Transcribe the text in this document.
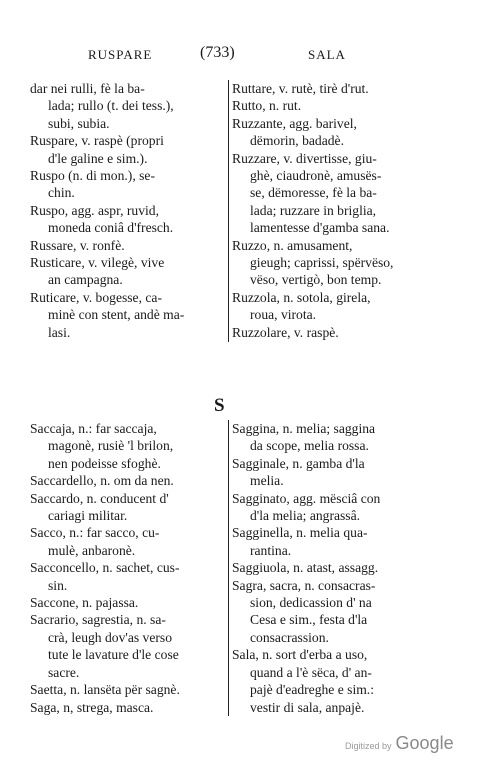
RUSPARE	(733)	SALA
dar nei rulli, fè la ba-
lada; rullo (t. dei tess.),
subi, subia.
Ruspare, v. raspè (propri
d'le galine e sim.).
Ruspo (n. di mon.), se-
chin.
Ruspo, agg. aspr, ruvid,
moneda coniâ d'fresch.
Russare, v. ronfè.
Rusticare, v. vilegè, vive
an campagna.
Ruticare, v. bogesse, ca-
minè con stent, andè ma-
lasi.
Ruttare, v. rutè, tirè d'rut.
Rutto, n. rut.
Ruzzante, agg. barivel,
dëmorin, badadè.
Ruzzare, v. divertisse, giu-
ghè, ciaudronè, amusës-
se, dëmoresse, fè la ba-
lada; ruzzare in briglia,
lamentesse d'gamba sana.
Ruzzo, n. amusament,
gieugh; caprissi, spërvëso,
vëso, vertigò, bon temp.
Ruzzola, n. sotola, girela,
roua, virota.
Ruzzolare, v. raspè.
S
Saccaja, n.: far saccaja,
magonè, rusiè 'l brilon,
nen podeisse sfoghè.
Saccardello, n. om da nen.
Saccardo, n. conducent d'
cariagi militar.
Sacco, n.: far sacco, cu-
mulè, anbaronè.
Sacconcello, n. sachet, cus-
sin.
Saccone, n. pajassa.
Sacrario, sagrestia, n. sa-
crà, leugh dov'as verso
tute le lavature d'le cose
sacre.
Saetta, n. lansëta për sagnè.
Saga, n, strega, masca.
Saggina, n. melia; saggina
da scope, melia rossa.
Sagginale, n. gamba d'la
melia.
Sagginato, agg. mësciâ con
d'la melia; angrassâ.
Sagginella, n. melia qua-
rantina.
Saggiuola, n. atast, assagg.
Sagra, sacra, n. consacras-
sion, dedicassion d' na
Cesa e sim., festa d'la
consacrassion.
Sala, n. sort d'erba a uso,
quand a l'è sëca, d' an-
pajè d'eadreghe e sim.:
vestir di sala, anpajè.
Digitized by Google
